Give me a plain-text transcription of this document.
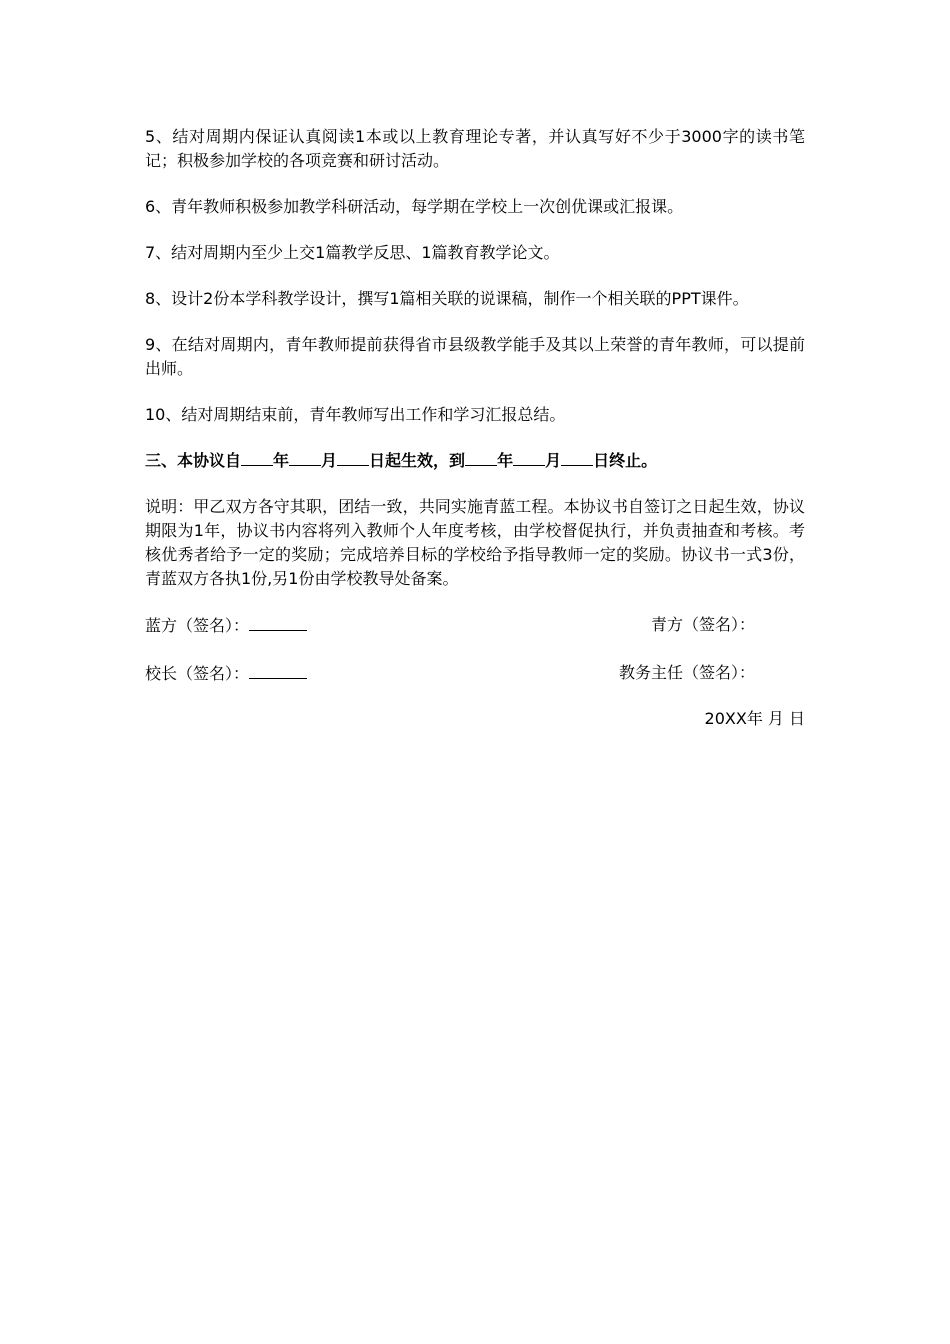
5、结对周期内保证认真阅读1本或以上教育理论专著，并认真写好不少于3000字的读书笔记；积极参加学校的各项竞赛和研讨活动。

6、青年教师积极参加教学科研活动，每学期在学校上一次创优课或汇报课。

7、结对周期内至少上交1篇教学反思、1篇教育教学论文。

8、设计2份本学科教学设计，撰写1篇相关联的说课稿，制作一个相关联的PPT课件。

9、在结对周期内，青年教师提前获得省市县级教学能手及其以上荣誉的青年教师，可以提前出师。

10、结对周期结束前，青年教师写出工作和学习汇报总结。

三、本协议自 年 月 日起生效，到 年 月 日终止。

说明：甲乙双方各守其职，团结一致，共同实施青蓝工程。本协议书自签订之日起生效，协议期限为1年，协议书内容将列入教师个人年度考核，由学校督促执行，并负责抽查和考核。考核优秀者给予一定的奖励；完成培养目标的学校给予指导教师一定的奖励。协议书一式3份，青蓝双方各执1份,另1份由学校教导处备案。

蓝方（签名）：	青方（签名）：
校长（签名）：	教务主任（签名）：
20XX年 月 日
